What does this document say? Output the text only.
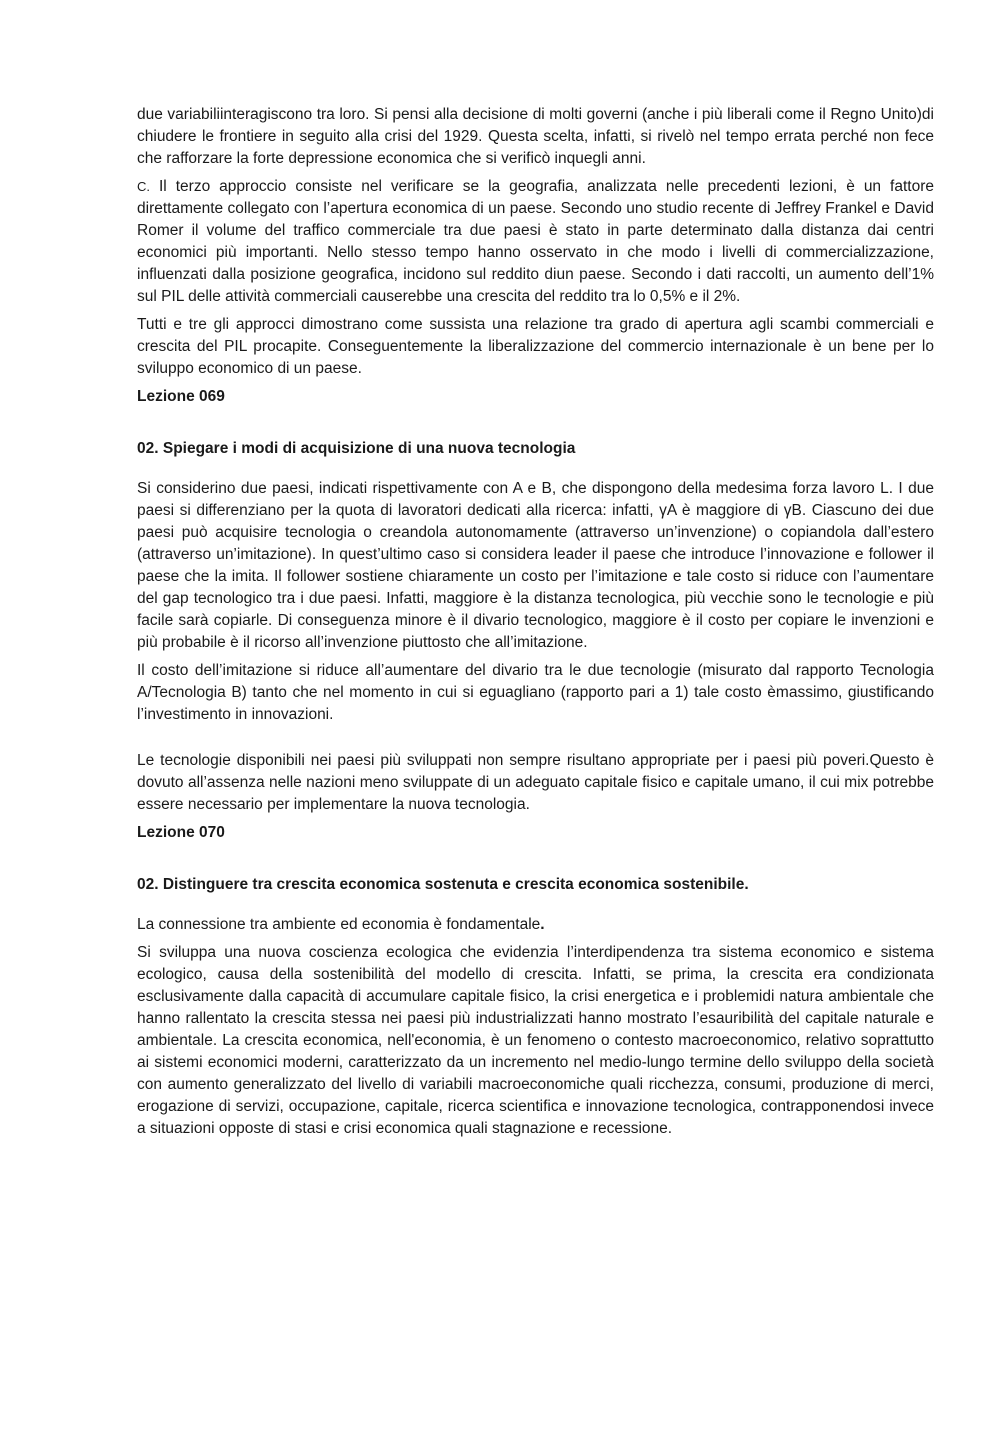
due variabiliinteragiscono tra loro. Si pensi alla decisione di molti governi (anche i più liberali come il Regno Unito)di chiudere le frontiere in seguito alla crisi del 1929. Questa scelta, infatti, si rivelò nel tempo errata perché non fece che rafforzare la forte depressione economica che si verificò inquegli anni.

C. Il terzo approccio consiste nel verificare se la geografia, analizzata nelle precedenti lezioni, è un fattore direttamente collegato con l’apertura economica di un paese. Secondo uno studio recente di Jeffrey Frankel e David Romer il volume del traffico commerciale tra due paesi è stato in parte determinato dalla distanza dai centri economici più importanti. Nello stesso tempo hanno osservato in che modo i livelli di commercializzazione, influenzati dalla posizione geografica, incidono sul reddito diun paese. Secondo i dati raccolti, un aumento dell’1% sul PIL delle attività commerciali causerebbe una crescita del reddito tra lo 0,5% e il 2%.

Tutti e tre gli approcci dimostrano come sussista una relazione tra grado di apertura agli scambi commerciali e crescita del PIL procapite. Conseguentemente la liberalizzazione del commercio internazionale è un bene per lo sviluppo economico di un paese.

Lezione 069

02. Spiegare i modi di acquisizione di una nuova tecnologia

Si considerino due paesi, indicati rispettivamente con A e B, che dispongono della medesima forza lavoro L. I due paesi si differenziano per la quota di lavoratori dedicati alla ricerca: infatti, γA è maggiore di γB. Ciascuno dei due paesi può acquisire tecnologia o creandola autonomamente (attraverso un’invenzione) o copiandola dall’estero (attraverso un’imitazione). In quest’ultimo caso si considera leader il paese che introduce l’innovazione e follower il paese che la imita. Il follower sostiene chiaramente un costo per l’imitazione e tale costo si riduce con l’aumentare del gap tecnologico tra i due paesi. Infatti, maggiore è la distanza tecnologica, più vecchie sono le tecnologie e più facile sarà copiarle. Di conseguenza minore è il divario tecnologico, maggiore è il costo per copiare le invenzioni e più probabile è il ricorso all’invenzione piuttosto che all’imitazione.

Il costo dell’imitazione si riduce all’aumentare del divario tra le due tecnologie (misurato dal rapporto Tecnologia A/Tecnologia B) tanto che nel momento in cui si eguagliano (rapporto pari a 1) tale costo èmassimo, giustificando l’investimento in innovazioni.

Le tecnologie disponibili nei paesi più sviluppati non sempre risultano appropriate per i paesi più poveri.Questo è dovuto all’assenza nelle nazioni meno sviluppate di un adeguato capitale fisico e capitale umano, il cui mix potrebbe essere necessario per implementare la nuova tecnologia.

Lezione 070

02. Distinguere tra crescita economica sostenuta e crescita economica sostenibile.

La connessione tra ambiente ed economia è fondamentale.

Si sviluppa una nuova coscienza ecologica che evidenzia l’interdipendenza tra sistema economico e sistema ecologico, causa della sostenibilità del modello di crescita. Infatti, se prima, la crescita era condizionata esclusivamente dalla capacità di accumulare capitale fisico, la crisi energetica e i problemidi natura ambientale che hanno rallentato la crescita stessa nei paesi più industrializzati hanno mostrato l’esauribilità del capitale naturale e ambientale. La crescita economica, nell'economia, è un fenomeno o contesto macroeconomico, relativo soprattutto ai sistemi economici moderni, caratterizzato da un incremento nel medio-lungo termine dello sviluppo della società con aumento generalizzato del livello di variabili macroeconomiche quali ricchezza, consumi, produzione di merci, erogazione di servizi, occupazione, capitale, ricerca scientifica e innovazione tecnologica, contrapponendosi invece a situazioni opposte di stasi e crisi economica quali stagnazione e recessione.
